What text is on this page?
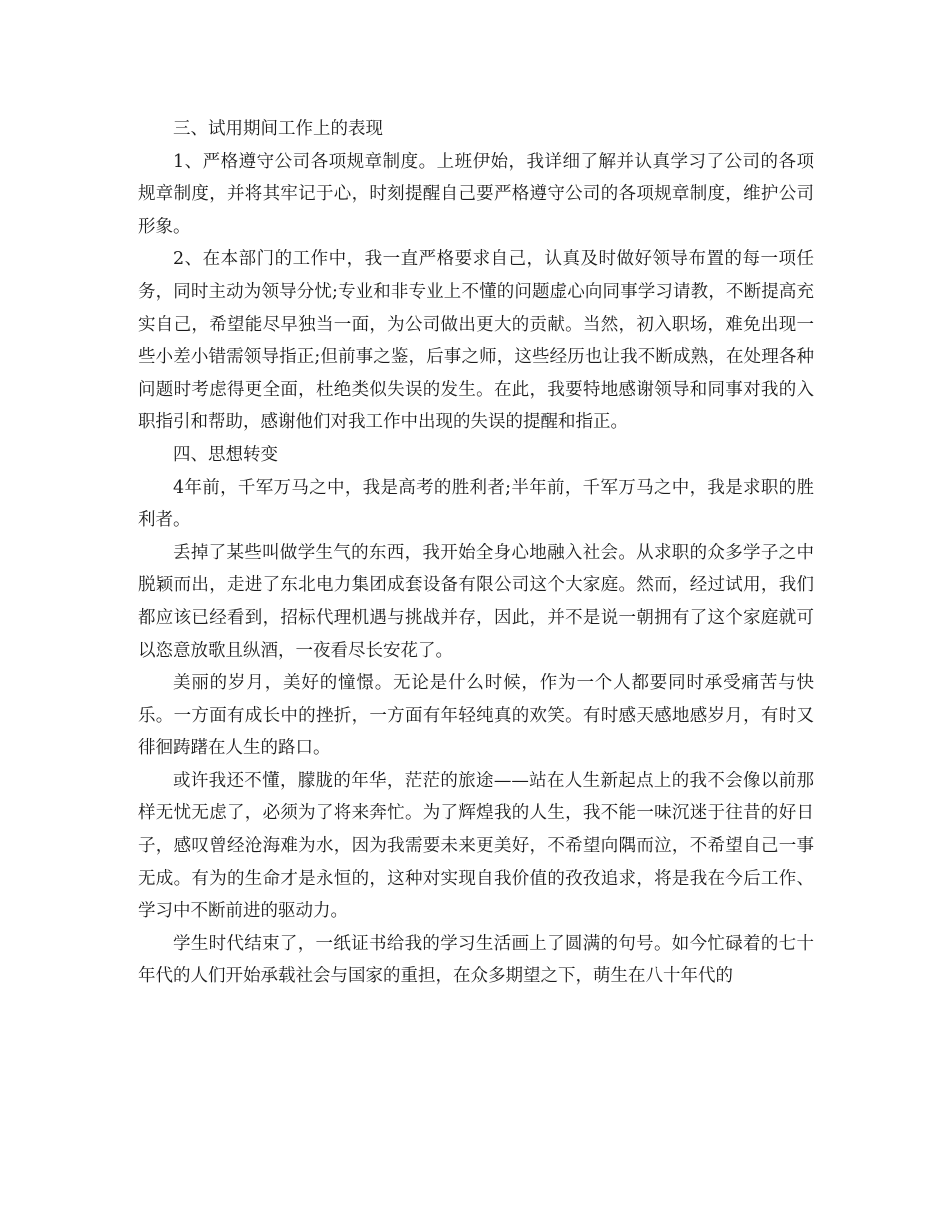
三、试用期间工作上的表现

1、严格遵守公司各项规章制度。上班伊始，我详细了解并认真学习了公司的各项规章制度，并将其牢记于心，时刻提醒自己要严格遵守公司的各项规章制度，维护公司形象。

2、在本部门的工作中，我一直严格要求自己，认真及时做好领导布置的每一项任务，同时主动为领导分忧;专业和非专业上不懂的问题虚心向同事学习请教，不断提高充实自己，希望能尽早独当一面，为公司做出更大的贡献。当然，初入职场，难免出现一些小差小错需领导指正;但前事之鉴，后事之师，这些经历也让我不断成熟，在处理各种问题时考虑得更全面，杜绝类似失误的发生。在此，我要特地感谢领导和同事对我的入职指引和帮助，感谢他们对我工作中出现的失误的提醒和指正。

四、思想转变

4年前，千军万马之中，我是高考的胜利者;半年前，千军万马之中，我是求职的胜利者。

丢掉了某些叫做学生气的东西，我开始全身心地融入社会。从求职的众多学子之中脱颖而出，走进了东北电力集团成套设备有限公司这个大家庭。然而，经过试用，我们都应该已经看到，招标代理机遇与挑战并存，因此，并不是说一朝拥有了这个家庭就可以恣意放歌且纵酒，一夜看尽长安花了。

美丽的岁月，美好的憧憬。无论是什么时候，作为一个人都要同时承受痛苦与快乐。一方面有成长中的挫折，一方面有年轻纯真的欢笑。有时感天感地感岁月，有时又徘徊踌躇在人生的路口。

或许我还不懂，朦胧的年华，茫茫的旅途——站在人生新起点上的我不会像以前那样无忧无虑了，必须为了将来奔忙。为了辉煌我的人生，我不能一味沉迷于往昔的好日子，感叹曾经沧海难为水，因为我需要未来更美好，不希望向隅而泣，不希望自己一事无成。有为的生命才是永恒的，这种对实现自我价值的孜孜追求，将是我在今后工作、学习中不断前进的驱动力。

学生时代结束了，一纸证书给我的学习生活画上了圆满的句号。如今忙碌着的七十年代的人们开始承载社会与国家的重担，在众多期望之下，萌生在八十年代的
